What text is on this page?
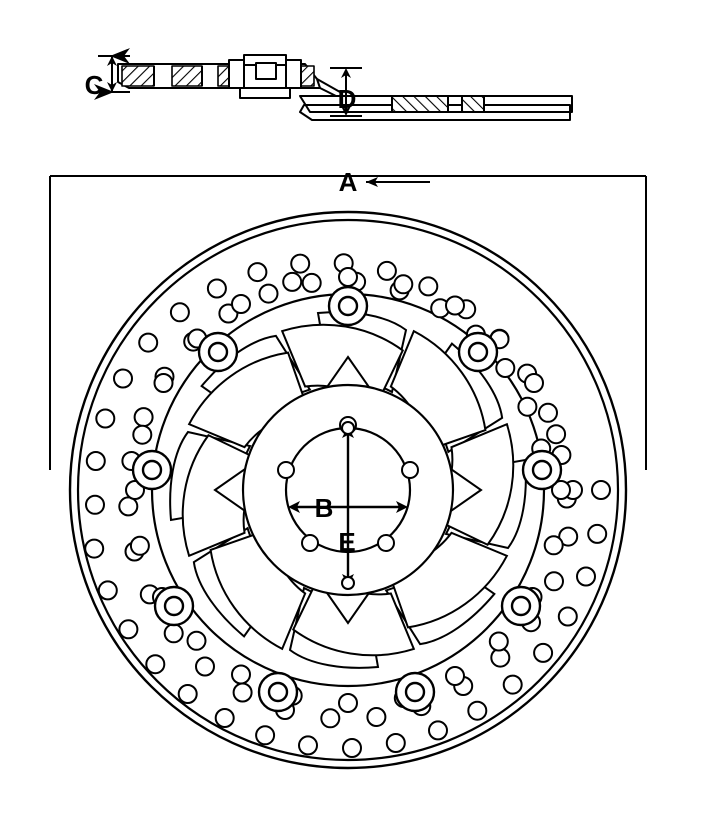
C	D
A
B
E
